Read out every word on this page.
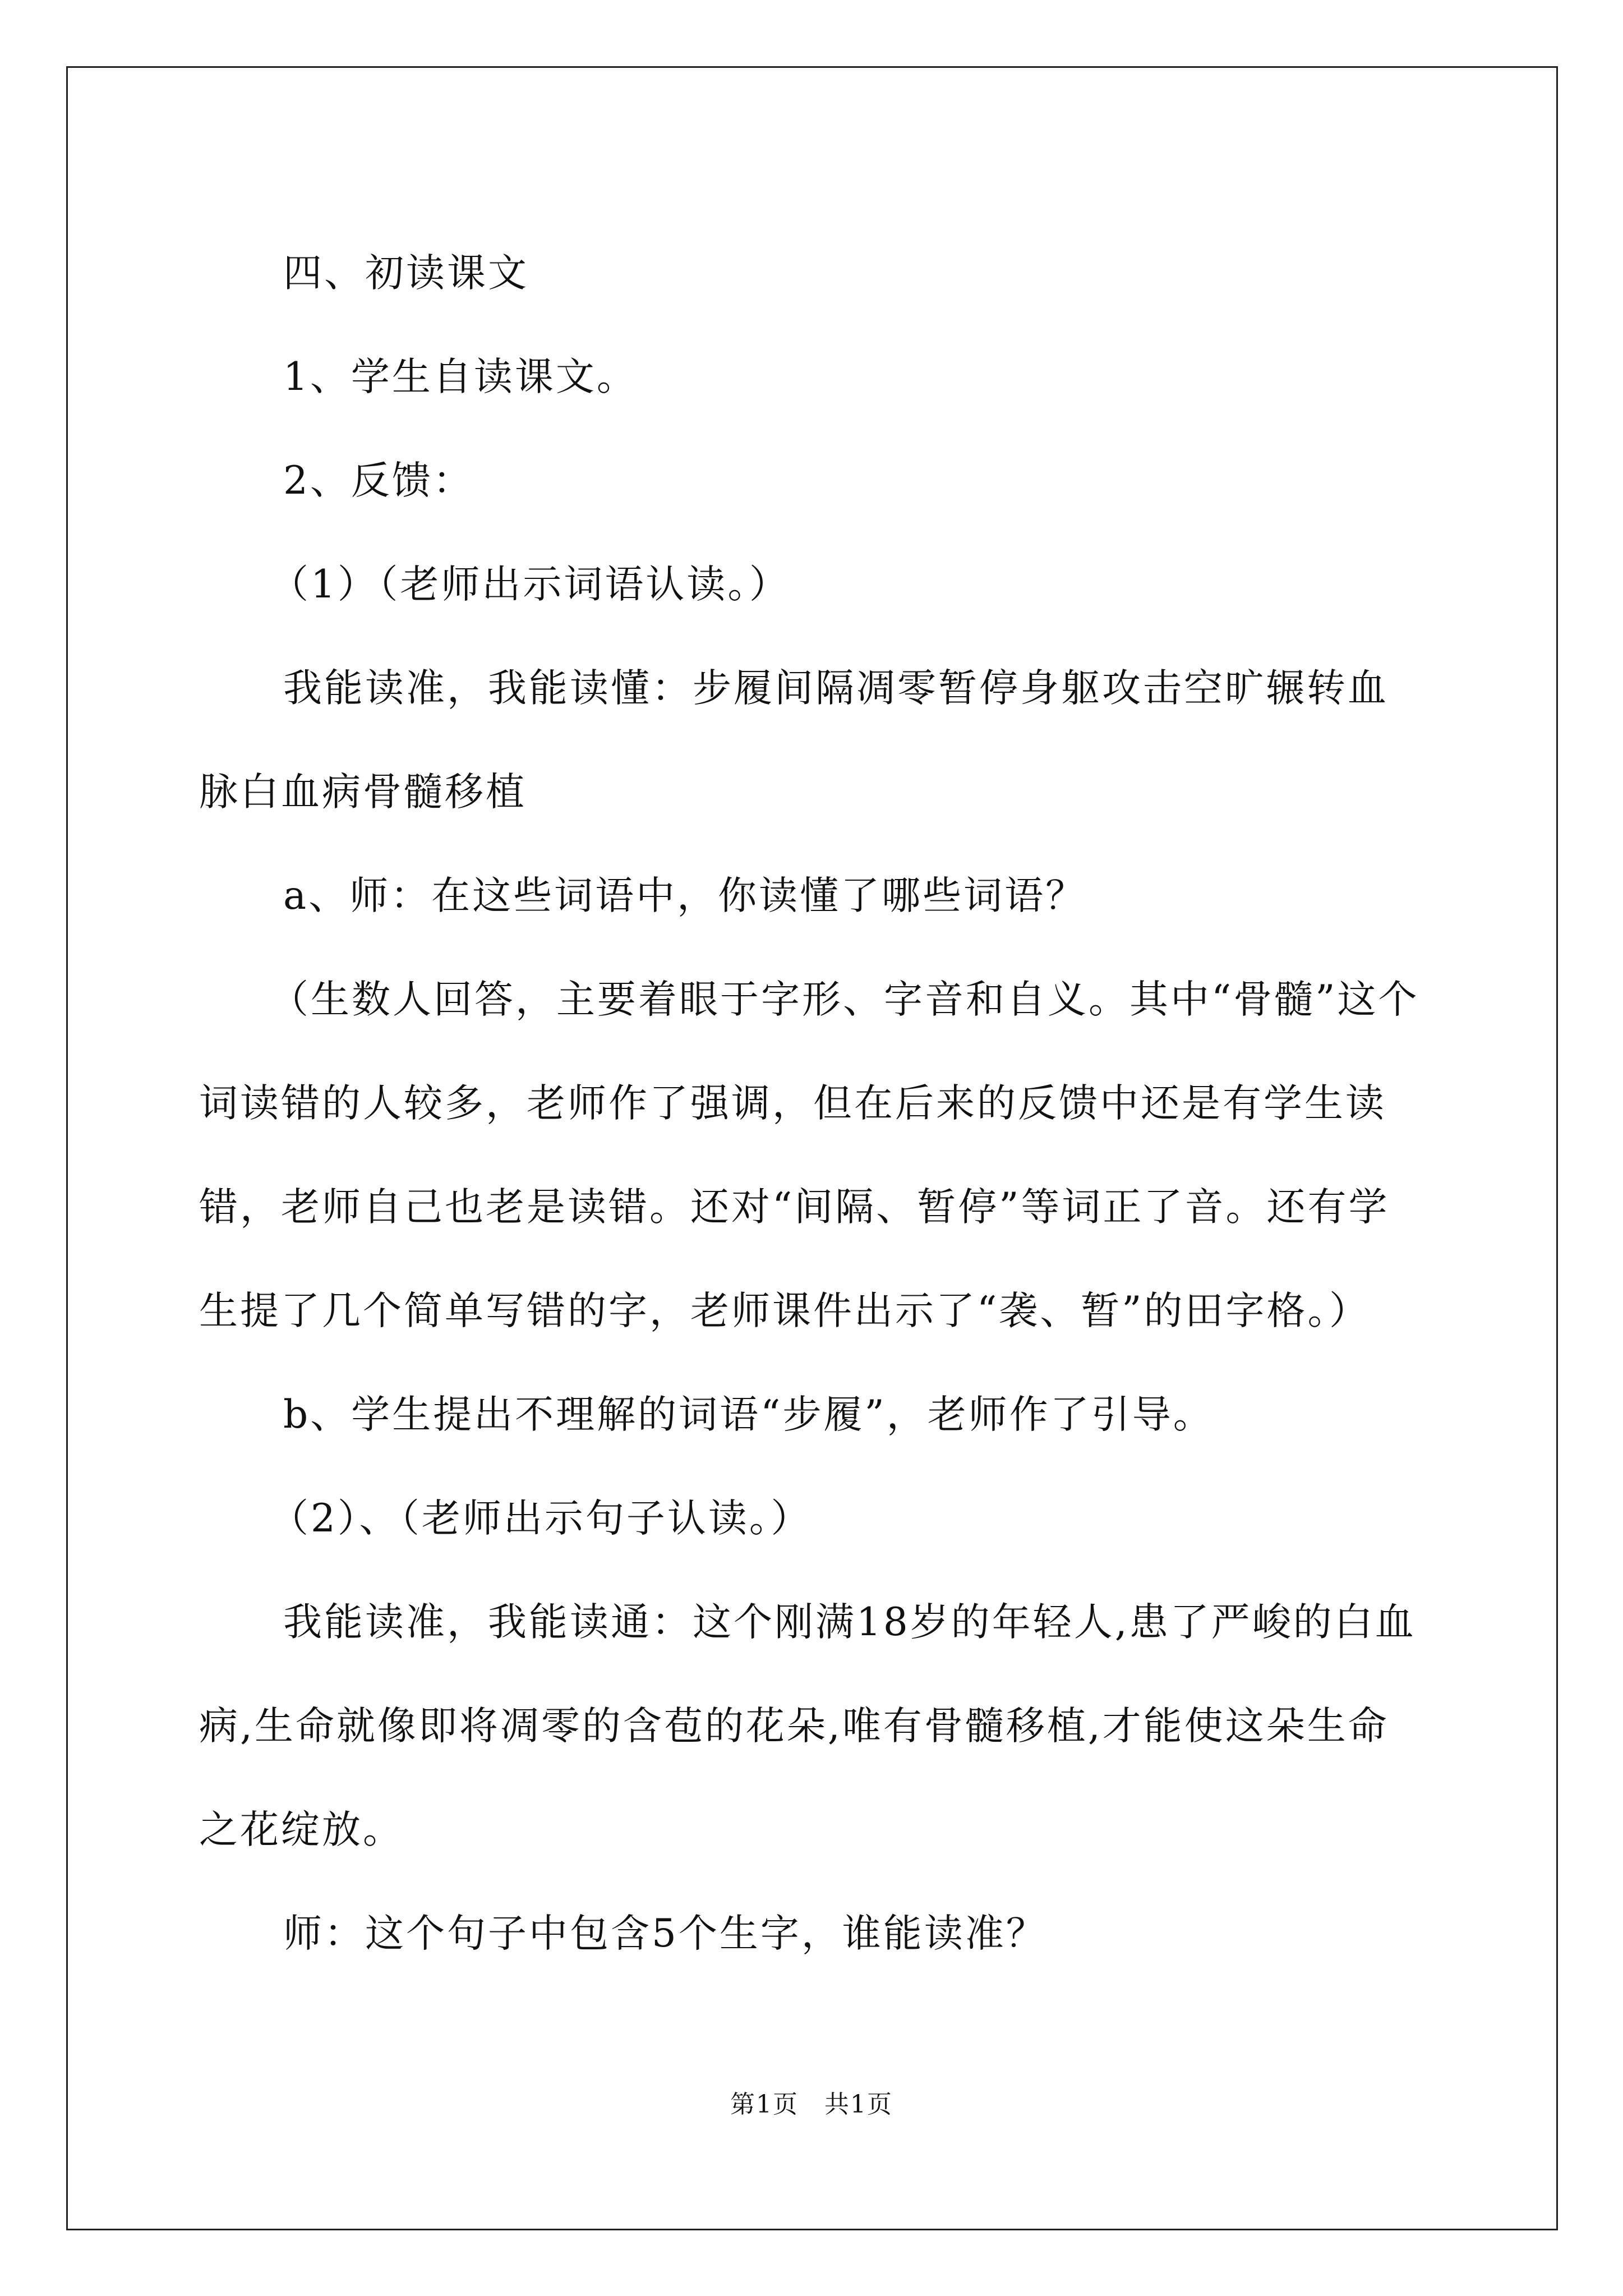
四、初读课文

1、学生自读课文。

2、反馈：

（1）（老师出示词语认读。）

我能读准，我能读懂：步履间隔凋零暂停身躯攻击空旷辗转血脉白血病骨髓移植

a、师：在这些词语中，你读懂了哪些词语？

（生数人回答，主要着眼于字形、字音和自义。其中“骨髓”这个词读错的人较多，老师作了强调，但在后来的反馈中还是有学生读错，老师自己也老是读错。还对“间隔、暂停”等词正了音。还有学生提了几个简单写错的字，老师课件出示了“袭、暂”的田字格。）

b、学生提出不理解的词语“步履”，老师作了引导。

（2）、（老师出示句子认读。）

我能读准，我能读通：这个刚满18岁的年轻人,患了严峻的白血病,生命就像即将凋零的含苞的花朵,唯有骨髓移植,才能使这朵生命之花绽放。

师：这个句子中包含5个生字，谁能读准？

第1页 共1页
